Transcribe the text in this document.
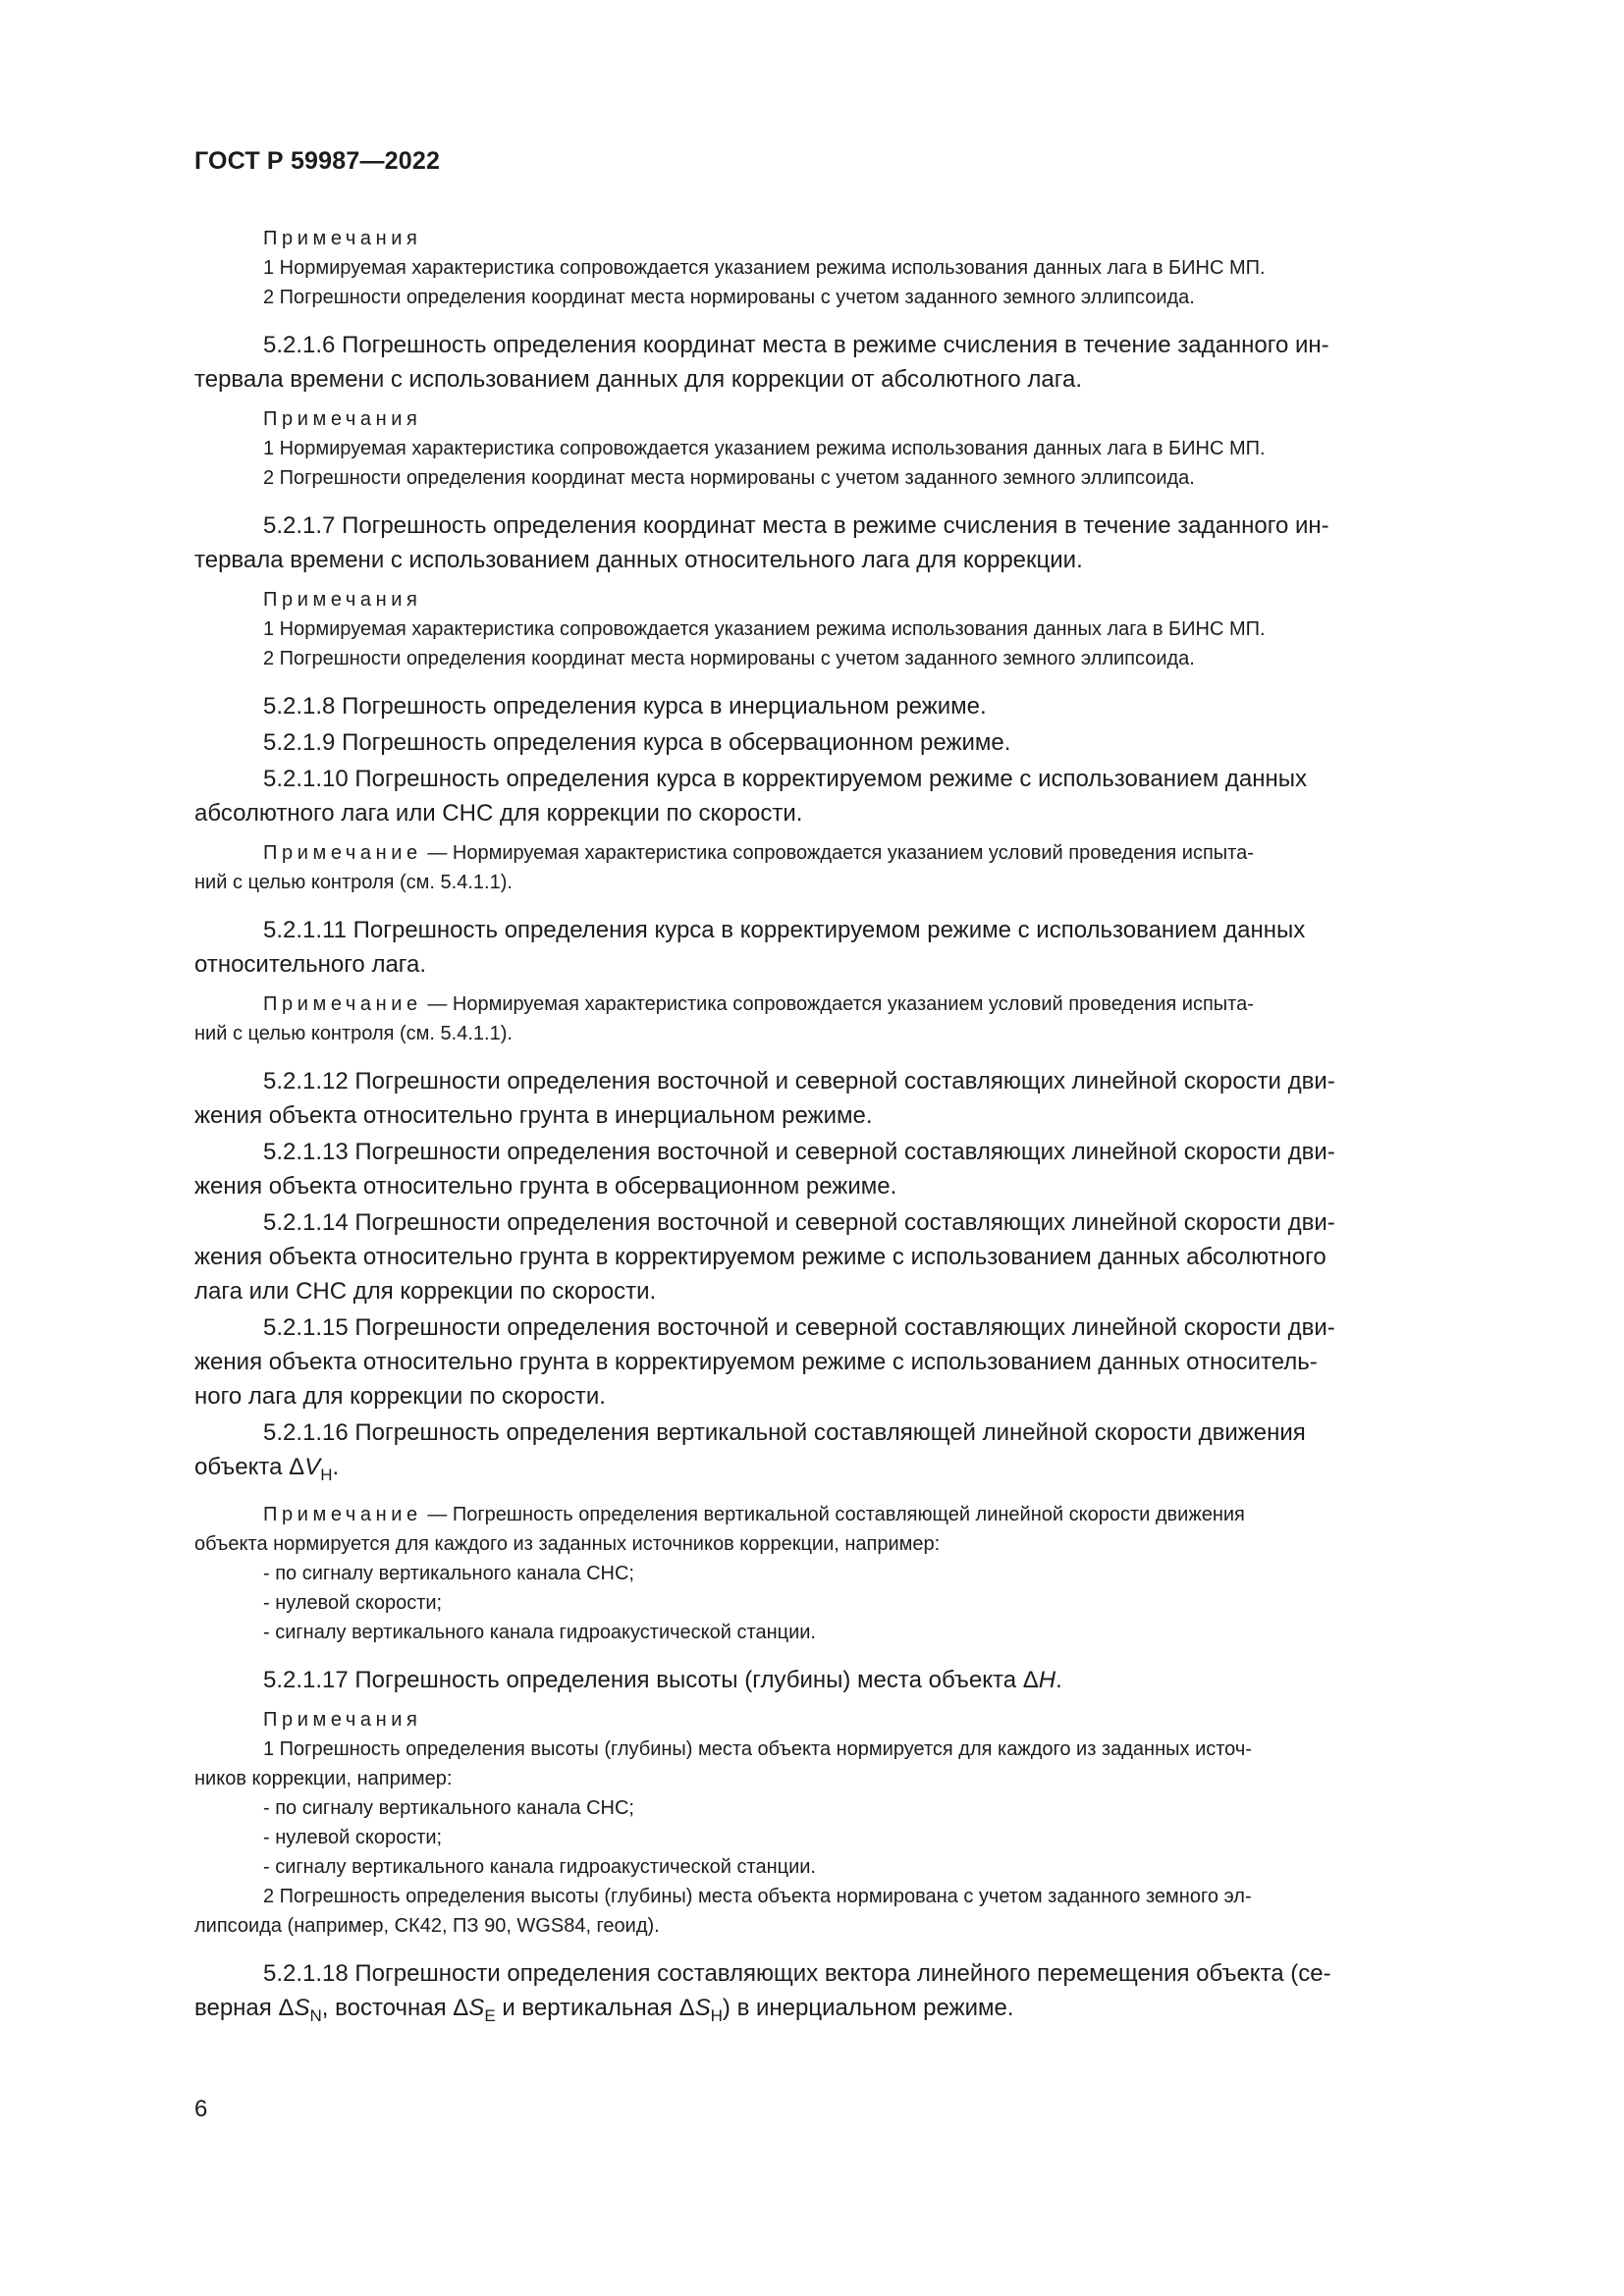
ГОСТ Р 59987—2022
Примечания
1 Нормируемая характеристика сопровождается указанием режима использования данных лага в БИНС МП.
2 Погрешности определения координат места нормированы с учетом заданного земного эллипсоида.
5.2.1.6 Погрешность определения координат места в режиме счисления в течение заданного ин-
тервала времени с использованием данных для коррекции от абсолютного лага.
Примечания
1 Нормируемая характеристика сопровождается указанием режима использования данных лага в БИНС МП.
2 Погрешности определения координат места нормированы с учетом заданного земного эллипсоида.
5.2.1.7 Погрешность определения координат места в режиме счисления в течение заданного ин-
тервала времени с использованием данных относительного лага для коррекции.
Примечания
1 Нормируемая характеристика сопровождается указанием режима использования данных лага в БИНС МП.
2 Погрешности определения координат места нормированы с учетом заданного земного эллипсоида.
5.2.1.8 Погрешность определения курса в инерциальном режиме.
5.2.1.9 Погрешность определения курса в обсервационном режиме.
5.2.1.10 Погрешность определения курса в корректируемом режиме с использованием данных
абсолютного лага или СНС для коррекции по скорости.
Примечание — Нормируемая характеристика сопровождается указанием условий проведения испыта-
ний с целью контроля (см. 5.4.1.1).
5.2.1.11 Погрешность определения курса в корректируемом режиме с использованием данных
относительного лага.
Примечание — Нормируемая характеристика сопровождается указанием условий проведения испыта-
ний с целью контроля (см. 5.4.1.1).
5.2.1.12 Погрешности определения восточной и северной составляющих линейной скорости дви-
жения объекта относительно грунта в инерциальном режиме.
5.2.1.13 Погрешности определения восточной и северной составляющих линейной скорости дви-
жения объекта относительно грунта в обсервационном режиме.
5.2.1.14 Погрешности определения восточной и северной составляющих линейной скорости дви-
жения объекта относительно грунта в корректируемом режиме с использованием данных абсолютного
лага или СНС для коррекции по скорости.
5.2.1.15 Погрешности определения восточной и северной составляющих линейной скорости дви-
жения объекта относительно грунта в корректируемом режиме с использованием данных относитель-
ного лага для коррекции по скорости.
5.2.1.16 Погрешность определения вертикальной составляющей линейной скорости движения
объекта $\Delta V_H$.
Примечание — Погрешность определения вертикальной составляющей линейной скорости движения
объекта нормируется для каждого из заданных источников коррекции, например:
- по сигналу вертикального канала СНС;
- нулевой скорости;
- сигналу вертикального канала гидроакустической станции.
5.2.1.17 Погрешность определения высоты (глубины) места объекта ΔH.
Примечания
1 Погрешность определения высоты (глубины) места объекта нормируется для каждого из заданных источ-
ников коррекции, например:
- по сигналу вертикального канала СНС;
- нулевой скорости;
- сигналу вертикального канала гидроакустической станции.
2 Погрешность определения высоты (глубины) места объекта нормирована с учетом заданного земного эл-
липсоида (например, СК42, ПЗ 90, WGS84, геоид).
5.2.1.18 Погрешности определения составляющих вектора линейного перемещения объекта (се-
верная $\Delta S_N$, восточная $\Delta S_E$ и вертикальная $\Delta S_H$) в инерциальном режиме.
6
